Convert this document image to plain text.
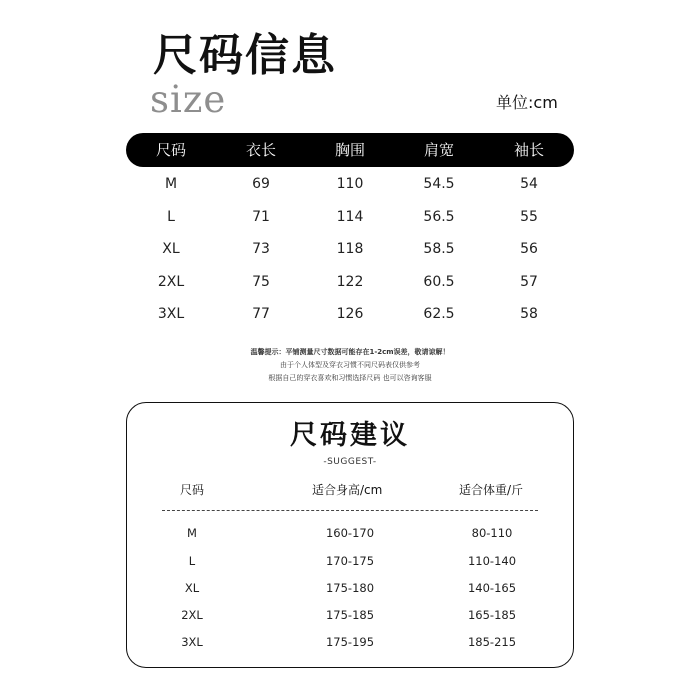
尺码信息
size	单位:cm
尺码	衣长	胸围	肩宽	袖长
M	69	110	54.5	54
L	71	114	56.5	55
XL	73	118	58.5	56
2XL	75	122	60.5	57
3XL	77	126	62.5	58
温馨提示：平铺测量尺寸数据可能存在1-2cm误差，敬请谅解！
由于个人体型及穿衣习惯不同尺码表仅供参考
根据自己的穿衣喜欢和习惯选择尺码 也可以咨询客服
尺码建议
-SUGGEST-
尺码	适合身高/cm	适合体重/斤
M	160-170	80-110
L	170-175	110-140
XL	175-180	140-165
2XL	175-185	165-185
3XL	175-195	185-215
